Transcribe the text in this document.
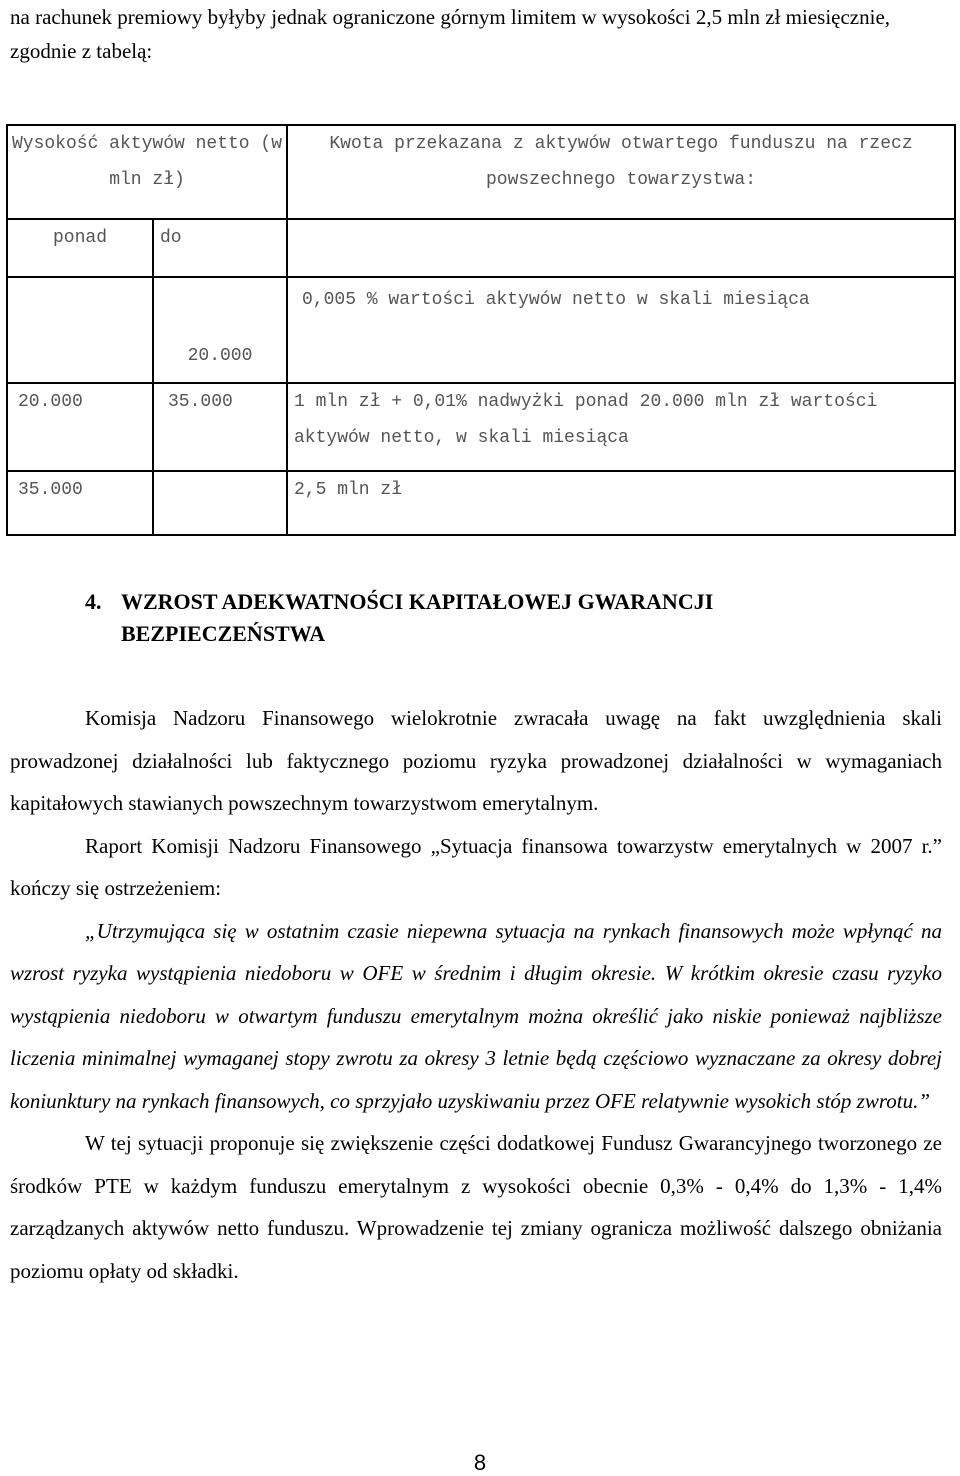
na rachunek premiowy byłyby jednak ograniczone górnym limitem w wysokości 2,5 mln zł miesięcznie, zgodnie z tabelą:

Wysokość aktywów netto (w mln zł)		Kwota przekazana z aktywów otwartego funduszu na rzecz powszechnego towarzystwa:
ponad	do	
	20.000	0,005 % wartości aktywów netto w skali miesiąca
20.000	35.000	1 mln zł + 0,01% nadwyżki ponad 20.000 mln zł wartości aktywów netto, w skali miesiąca
35.000		2,5 mln zł
4. WZROST ADEKWATNOŚCI KAPITAŁOWEJ GWARANCJI BEZPIECZEŃSTWA

Komisja Nadzoru Finansowego wielokrotnie zwracała uwagę na fakt uwzględnienia skali prowadzonej działalności lub faktycznego poziomu ryzyka prowadzonej działalności w wymaganiach kapitałowych stawianych powszechnym towarzystwom emerytalnym.

Raport Komisji Nadzoru Finansowego „Sytuacja finansowa towarzystw emerytalnych w 2007 r.” kończy się ostrzeżeniem:

„Utrzymująca się w ostatnim czasie niepewna sytuacja na rynkach finansowych może wpłynąć na wzrost ryzyka wystąpienia niedoboru w OFE w średnim i długim okresie. W krótkim okresie czasu ryzyko wystąpienia niedoboru w otwartym funduszu emerytalnym można określić jako niskie ponieważ najbliższe liczenia minimalnej wymaganej stopy zwrotu za okresy 3 letnie będą częściowo wyznaczane za okresy dobrej koniunktury na rynkach finansowych, co sprzyjało uzyskiwaniu przez OFE relatywnie wysokich stóp zwrotu.”

W tej sytuacji proponuje się zwiększenie części dodatkowej Fundusz Gwarancyjnego tworzonego ze środków PTE w każdym funduszu emerytalnym z wysokości obecnie 0,3% - 0,4% do 1,3% - 1,4% zarządzanych aktywów netto funduszu. Wprowadzenie tej zmiany ogranicza możliwość dalszego obniżania poziomu opłaty od składki.

8
